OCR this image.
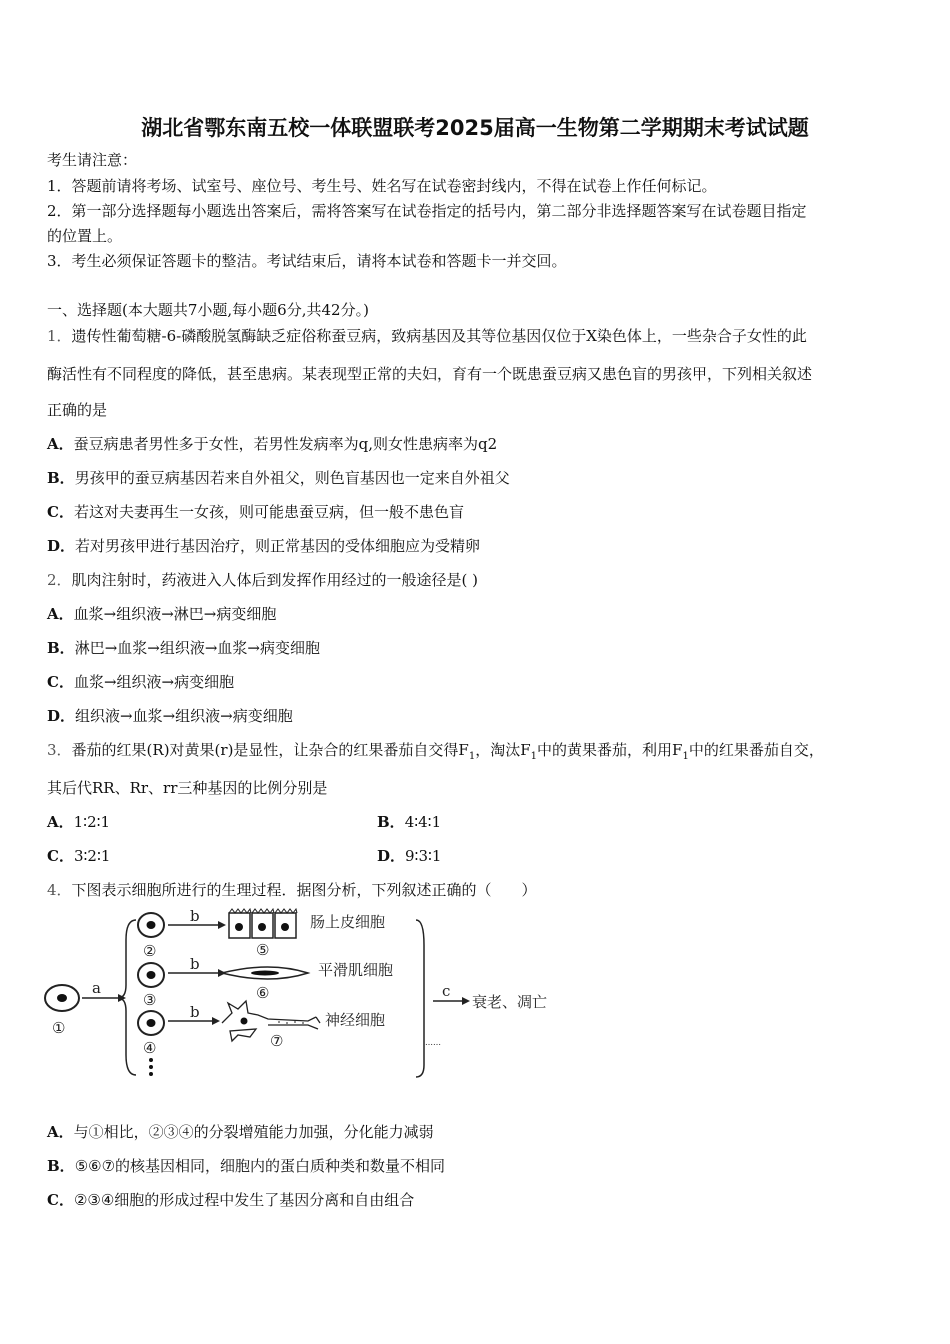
湖北省鄂东南五校一体联盟联考2025届高一生物第二学期期末考试试题
考生请注意：
1．答题前请将考场、试室号、座位号、考生号、姓名写在试卷密封线内，不得在试卷上作任何标记。
2．第一部分选择题每小题选出答案后，需将答案写在试卷指定的括号内，第二部分非选择题答案写在试卷题目指定
的位置上。
3．考生必须保证答题卡的整洁。考试结束后，请将本试卷和答题卡一并交回。
一、选择题(本大题共7小题,每小题6分,共42分。)
1．遗传性葡萄糖-6-磷酸脱氢酶缺乏症俗称蚕豆病，致病基因及其等位基因仅位于X染色体上，一些杂合子女性的此
酶活性有不同程度的降低，甚至患病。某表现型正常的夫妇，育有一个既患蚕豆病又患色盲的男孩甲，下列相关叙述
正确的是
A．蚕豆病患者男性多于女性，若男性发病率为q,则女性患病率为q2
B．男孩甲的蚕豆病基因若来自外祖父，则色盲基因也一定来自外祖父
C．若这对夫妻再生一女孩，则可能患蚕豆病，但一般不患色盲
D．若对男孩甲进行基因治疗，则正常基因的受体细胞应为受精卵
2．肌肉注射时，药液进入人体后到发挥作用经过的一般途径是( )
A．血浆→组织液→淋巴→病变细胞
B．淋巴→血浆→组织液→血浆→病变细胞
C．血浆→组织液→病变细胞
D．组织液→血浆→组织液→病变细胞
3．番茄的红果(R)对黄果(r)是显性，让杂合的红果番茄自交得$F_1$，淘汰$F_1$中的黄果番茄，利用$F_1$中的红果番茄自交，
其后代RR、Rr、rr三种基因的比例分别是
A．1∶2∶1	B．4∶4∶1
C．3∶2∶1	D．9∶3∶1
4．下图表示细胞所进行的生理过程．据图分析，下列叙述正确的（　　）
①
a
②
b
⑤
肠上皮细胞
③
b
⑥
平滑肌细胞
④
b
⑦
神经细胞
……
c
衰老、凋亡
A．与①相比，②③④的分裂增殖能力加强，分化能力减弱
B．⑤⑥⑦的核基因相同，细胞内的蛋白质种类和数量不相同
C．②③④细胞的形成过程中发生了基因分离和自由组合
